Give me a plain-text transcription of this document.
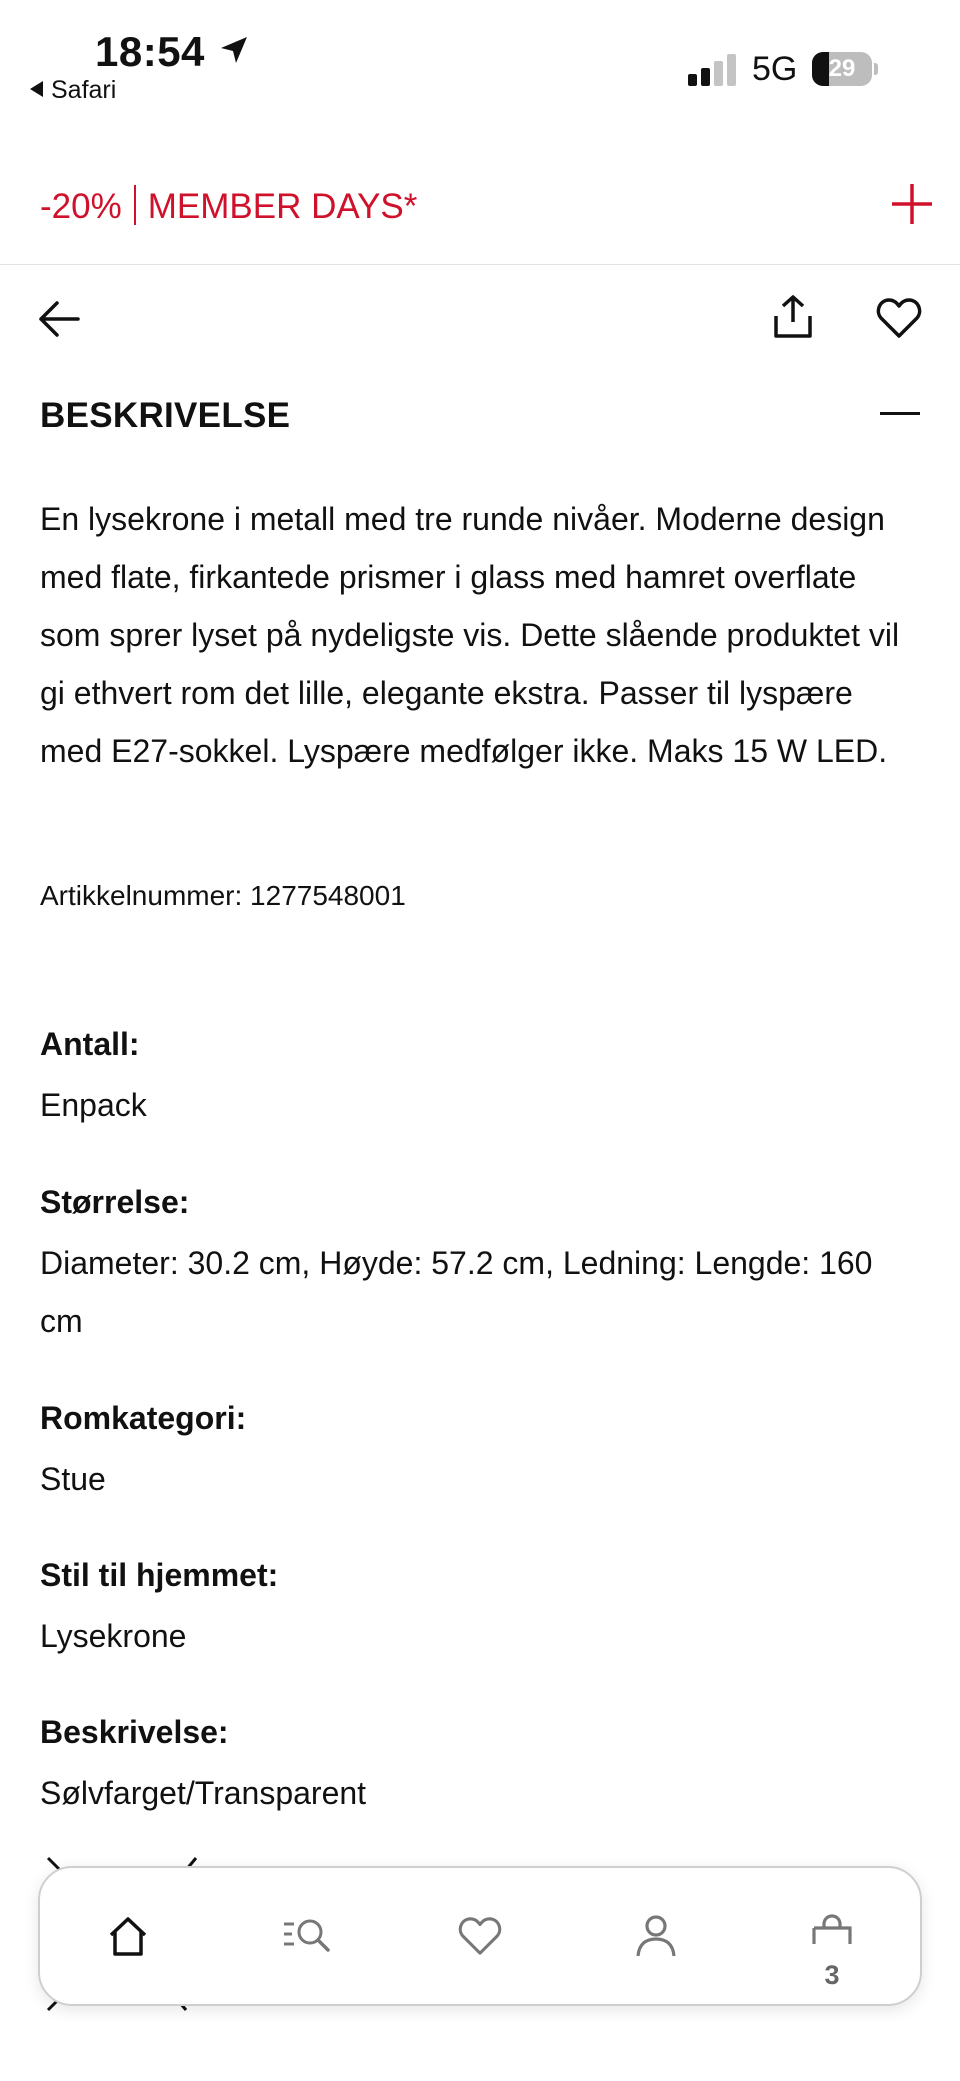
18:54
Safari
5G	29
-20% MEMBER DAYS*
BESKRIVELSE
En lysekrone i metall med tre runde nivåer. Moderne design med flate, firkantede prismer i glass med hamret overflate som sprer lyset på nydeligste vis. Dette slående produktet vil gi ethvert rom det lille, elegante ekstra. Passer til lyspære med E27-sokkel. Lyspære medfølger ikke. Maks 15 W LED.
Artikkelnummer: 1277548001
Antall:
Enpack
Størrelse:
Diameter: 30.2 cm, Høyde: 57.2 cm, Ledning: Lengde: 160 cm
Romkategori:
Stue
Stil til hjemmet:
Lysekrone
Beskrivelse:
Sølvfarget/Transparent
3
